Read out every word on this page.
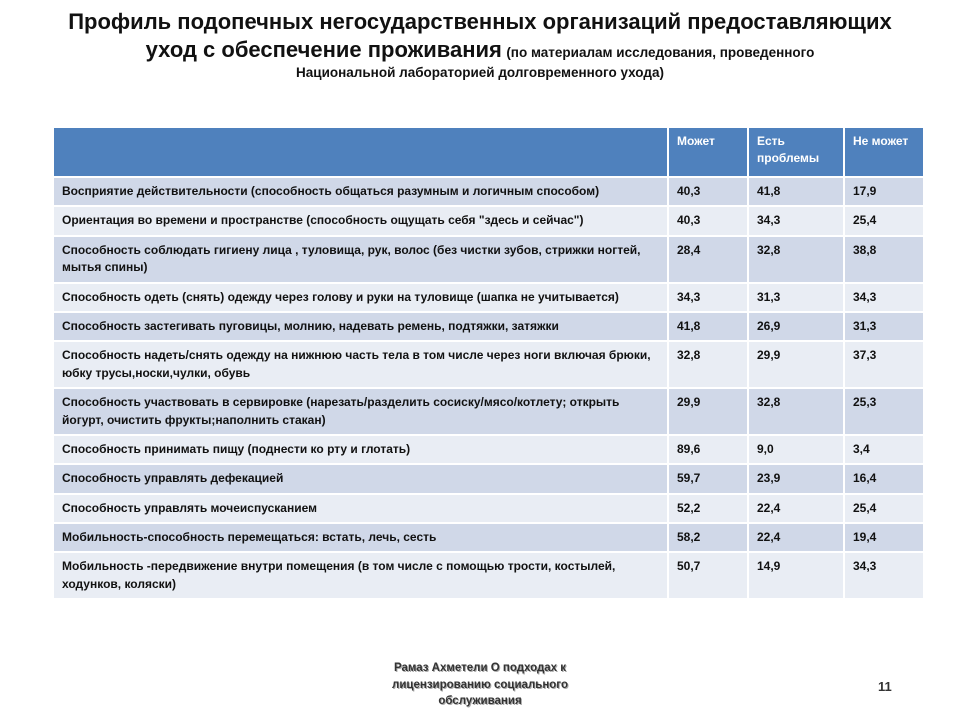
Профиль подопечных негосударственных организаций предоставляющих
уход с обеспечение проживания (по материалам исследования, проведенного
Национальной лабораторией долговременного ухода)
	Может	Есть проблемы	Не может
Восприятие действительности (способность общаться разумным и логичным способом)	40,3	41,8	17,9
Ориентация во времени и пространстве (способность ощущать себя "здесь и сейчас")	40,3	34,3	25,4
Способность соблюдать гигиену лица , туловища, рук, волос (без чистки зубов, стрижки ногтей, мытья спины)	28,4	32,8	38,8
Способность одеть (снять) одежду через голову и руки на туловище (шапка не учитывается)	34,3	31,3	34,3
Способность застегивать пуговицы, молнию, надевать ремень, подтяжки, затяжки	41,8	26,9	31,3
Способность надеть/снять одежду на нижнюю часть тела в том числе через ноги включая брюки, юбку трусы,носки,чулки, обувь	32,8	29,9	37,3
Способность участвовать в сервировке (нарезать/разделить сосиску/мясо/котлету; открыть йогурт, очистить фрукты;наполнить стакан)	29,9	32,8	25,3
Способность принимать пищу (поднести ко рту и глотать)	89,6	9,0	3,4
Способность управлять дефекацией	59,7	23,9	16,4
Способность управлять мочеиспусканием	52,2	22,4	25,4
Мобильность-способность перемещаться: встать, лечь, сесть	58,2	22,4	19,4
Мобильность -передвижение внутри помещения (в том числе с помощью трости, костылей, ходунков, коляски)	50,7	14,9	34,3
Рамаз Ахметели О подходах к лицензированию социального обслуживания
11
